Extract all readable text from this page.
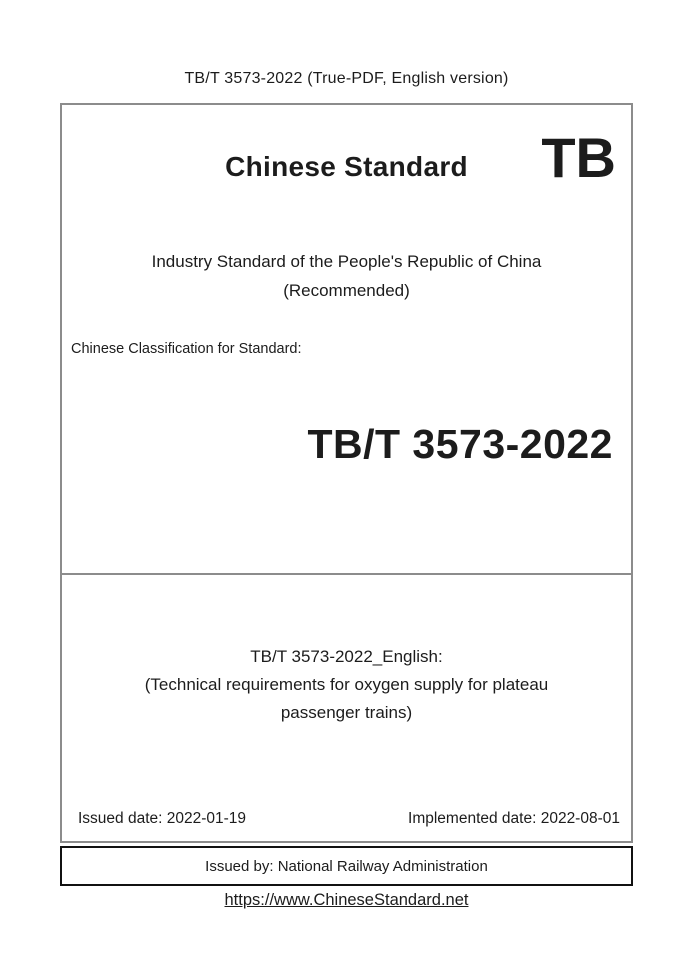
TB/T 3573-2022 (True-PDF, English version)
Chinese Standard	TB
Industry Standard of the People's Republic of China
(Recommended)
Chinese Classification for Standard:
TB/T 3573-2022
TB/T 3573-2022_English:
(Technical requirements for oxygen supply for plateau
passenger trains)
Issued date: 2022-01-19	Implemented date: 2022-08-01
Issued by: National Railway Administration
https://www.ChineseStandard.net
